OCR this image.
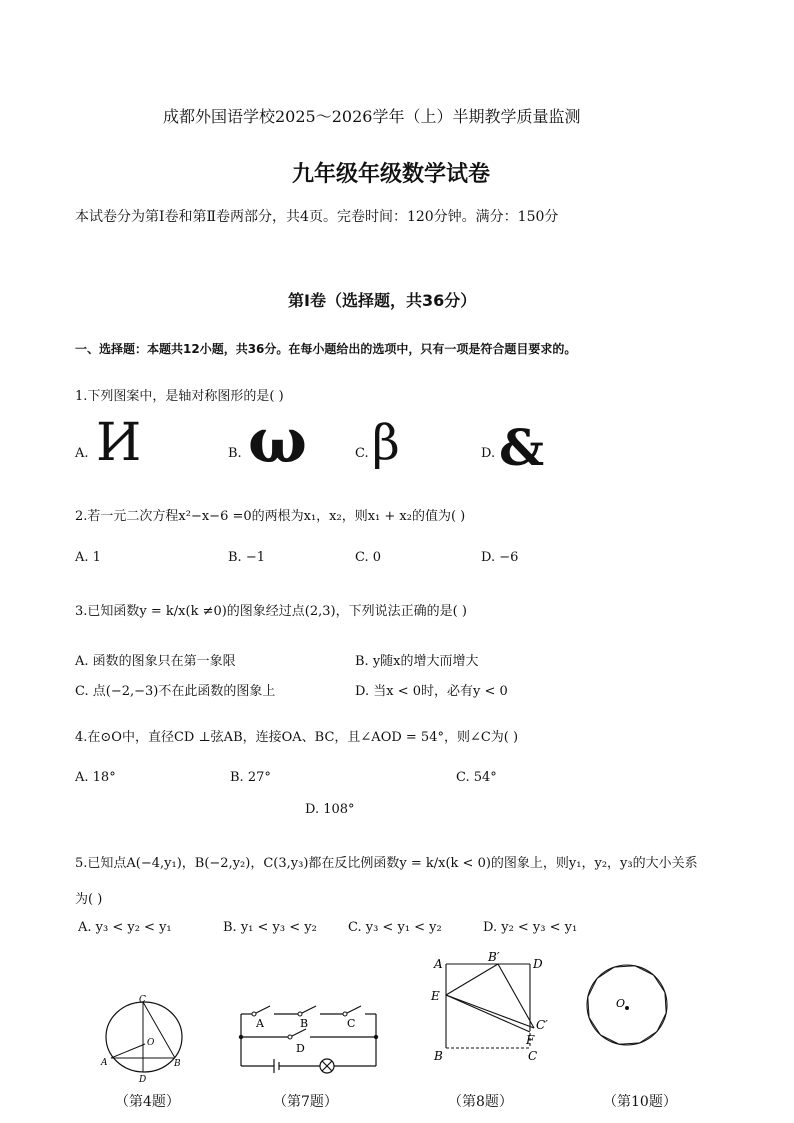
成都外国语学校2025～2026学年（上）半期教学质量监测
九年级年级数学试卷
本试卷分为第Ⅰ卷和第Ⅱ卷两部分，共4页。完卷时间：120分钟。满分：150分
第Ⅰ卷（选择题，共36分）
一、选择题：本题共12小题，共36分。在每小题给出的选项中，只有一项是符合题目要求的。
1.下列图案中，是轴对称图形的是( )
A. И	B. ω	C. β	D. &
2.若一元二次方程x²−x−6 =0的两根为x₁，x₂，则x₁ + x₂的值为( )
A. 1	B. −1	C. 0	D. −6
3.已知函数y = k/x(k ≠0)的图象经过点(2,3)，下列说法正确的是( )
A. 函数的图象只在第一象限	B. y随x的增大而增大
C. 点(−2,−3)不在此函数的图象上	D. 当x < 0时，必有y < 0
4.在⊙O中，直径CD ⊥弦AB，连接OA、BC，且∠AOD = 54°，则∠C为( )
A. 18°	B. 27°	C. 54°
D. 108°
5.已知点A(−4,y₁)，B(−2,y₂)，C(3,y₃)都在反比例函数y = k/x(k < 0)的图象上，则y₁，y₂，y₃的大小关系
为( )
A. y₃ < y₂ < y₁	B. y₁ < y₃ < y₂ C. y₃ < y₁ < y₂	D. y₂ < y₃ < y₁
C
O
A
D
B
（第4题）
A	B	C
D
（第7题）
A	B′	D
E
C′
F
B	C
（第8题）
O
（第10题）
